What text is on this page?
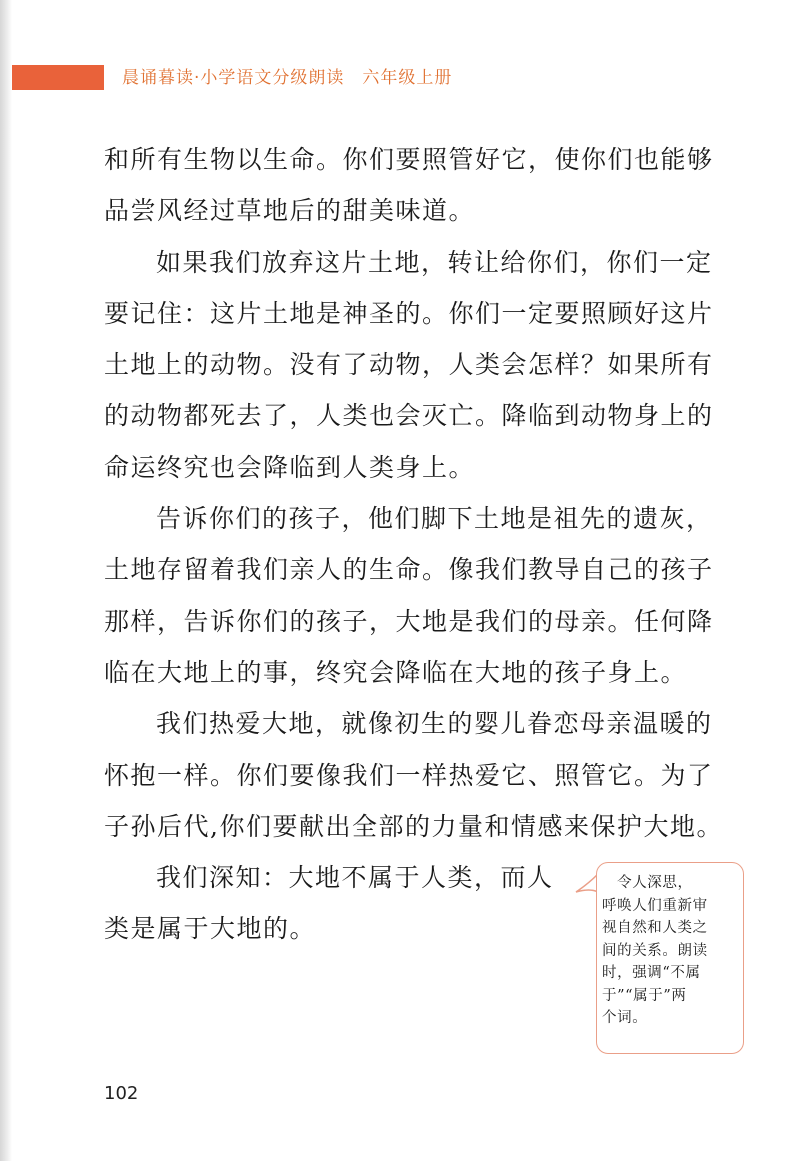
晨诵暮读·小学语文分级朗读　六年级上册
和所有生物以生命。你们要照管好它，使你们也能够
品尝风经过草地后的甜美味道。
如果我们放弃这片土地，转让给你们，你们一定
要记住：这片土地是神圣的。你们一定要照顾好这片
土地上的动物。没有了动物，人类会怎样？如果所有
的动物都死去了，人类也会灭亡。降临到动物身上的
命运终究也会降临到人类身上。
告诉你们的孩子，他们脚下土地是祖先的遗灰，
土地存留着我们亲人的生命。像我们教导自己的孩子
那样，告诉你们的孩子，大地是我们的母亲。任何降
临在大地上的事，终究会降临在大地的孩子身上。
我们热爱大地，就像初生的婴儿眷恋母亲温暖的
怀抱一样。你们要像我们一样热爱它、照管它。为了
子孙后代,你们要献出全部的力量和情感来保护大地。
我们深知：大地不属于人类，而人
类是属于大地的。
　令人深思，
呼唤人们重新审
视自然和人类之
间的关系。朗读
时，强调“不属
于”“属于”两
个词。
102
